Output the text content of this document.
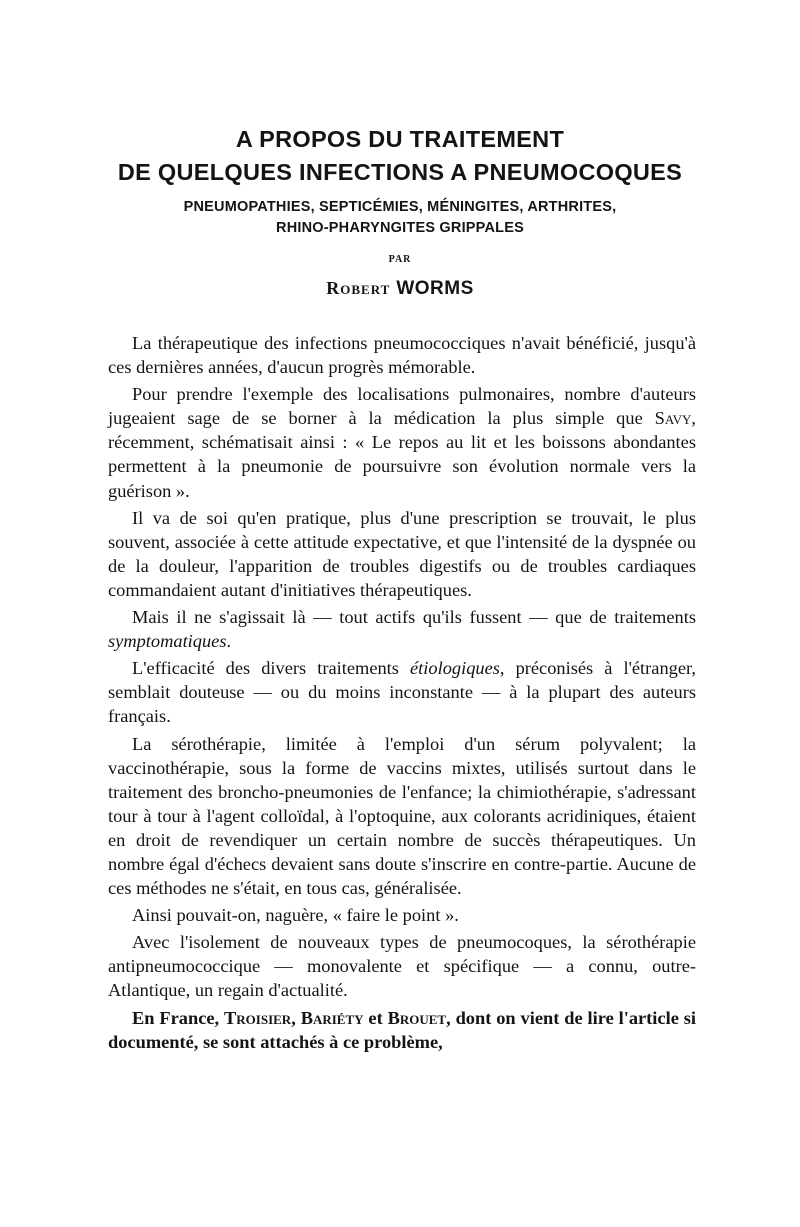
A PROPOS DU TRAITEMENT
DE QUELQUES INFECTIONS A PNEUMOCOQUES
PNEUMOPATHIES, SEPTICÉMIES, MÉNINGITES, ARTHRITES,
RHINO-PHARYNGITES GRIPPALES
PAR
Robert WORMS

La thérapeutique des infections pneumococciques n'avait bénéficié, jusqu'à ces dernières années, d'aucun progrès mémorable.

Pour prendre l'exemple des localisations pulmonaires, nombre d'auteurs jugeaient sage de se borner à la médication la plus simple que Savy, récemment, schématisait ainsi : « Le repos au lit et les boissons abondantes permettent à la pneumonie de poursuivre son évolution normale vers la guérison ».

Il va de soi qu'en pratique, plus d'une prescription se trouvait, le plus souvent, associée à cette attitude expectative, et que l'intensité de la dyspnée ou de la douleur, l'apparition de troubles digestifs ou de troubles cardiaques commandaient autant d'initiatives thérapeutiques.

Mais il ne s'agissait là — tout actifs qu'ils fussent — que de traitements symptomatiques.

L'efficacité des divers traitements étiologiques, préconisés à l'étranger, semblait douteuse — ou du moins inconstante — à la plupart des auteurs français.

La sérothérapie, limitée à l'emploi d'un sérum polyvalent; la vaccinothérapie, sous la forme de vaccins mixtes, utilisés surtout dans le traitement des broncho-pneumonies de l'enfance; la chimiothérapie, s'adressant tour à tour à l'agent colloïdal, à l'optoquine, aux colorants acridiniques, étaient en droit de revendiquer un certain nombre de succès thérapeutiques. Un nombre égal d'échecs devaient sans doute s'inscrire en contre-partie. Aucune de ces méthodes ne s'était, en tous cas, généralisée.

Ainsi pouvait-on, naguère, « faire le point ».

Avec l'isolement de nouveaux types de pneumocoques, la sérothérapie antipneumococcique — monovalente et spécifique — a connu, outre-Atlantique, un regain d'actualité.

En France, Troisier, Bariéty et Brouet, dont on vient de lire l'article si documenté, se sont attachés à ce problème,
